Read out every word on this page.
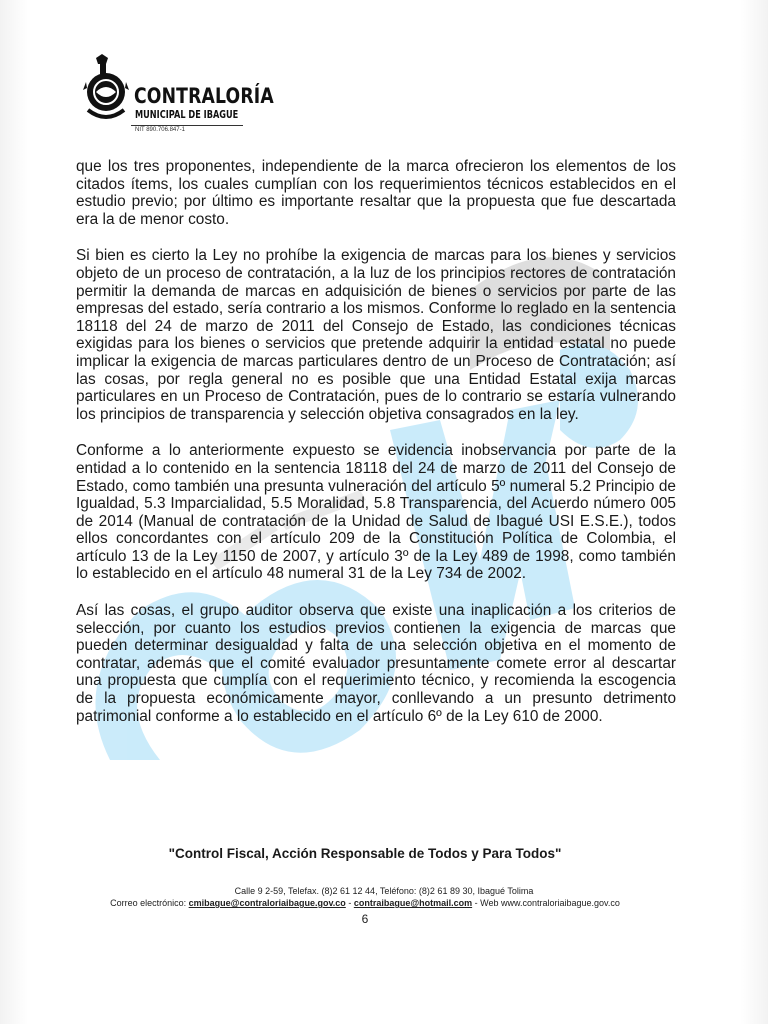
CONTRALORÍA
MUNICIPAL DE IBAGUE
NIT 890.706.847-1

que los tres proponentes, independiente de la marca ofrecieron los elementos de los citados ítems, los cuales cumplían con los requerimientos técnicos establecidos en el estudio previo; por último es importante resaltar que la propuesta que fue descartada era la de menor costo.

Si bien es cierto la Ley no prohíbe la exigencia de marcas para los bienes y servicios objeto de un proceso de contratación, a la luz de los principios rectores de contratación permitir la demanda de marcas en adquisición de bienes o servicios por parte de las empresas del estado, sería contrario a los mismos. Conforme lo reglado en la sentencia 18118 del 24 de marzo de 2011 del Consejo de Estado, las condiciones técnicas exigidas para los bienes o servicios que pretende adquirir la entidad estatal no puede implicar la exigencia de marcas particulares dentro de un Proceso de Contratación; así las cosas, por regla general no es posible que una Entidad Estatal exija marcas particulares en un Proceso de Contratación, pues de lo contrario se estaría vulnerando los principios de transparencia y selección objetiva consagrados en la ley.

Conforme a lo anteriormente expuesto se evidencia inobservancia por parte de la entidad a lo contenido en la sentencia 18118 del 24 de marzo de 2011 del Consejo de Estado, como también una presunta vulneración del artículo 5º numeral 5.2 Principio de Igualdad, 5.3 Imparcialidad, 5.5 Moralidad, 5.8 Transparencia, del Acuerdo número 005 de 2014 (Manual de contratación de la Unidad de Salud de Ibagué USI E.S.E.), todos ellos concordantes con el artículo 209 de la Constitución Política de Colombia, el artículo 13 de la Ley 1150 de 2007, y artículo 3º de la Ley 489 de 1998, como también lo establecido en el artículo 48 numeral 31 de la Ley 734 de 2002.

Así las cosas, el grupo auditor observa que existe una inaplicación a los criterios de selección, por cuanto los estudios previos contienen la exigencia de marcas que pueden determinar desigualdad y falta de una selección objetiva en el momento de contratar, además que el comité evaluador presuntamente comete error al descartar una propuesta que cumplía con el requerimiento técnico, y recomienda la escogencia de la propuesta económicamente mayor, conllevando a un presunto detrimento patrimonial conforme a lo establecido en el artículo 6º de la Ley 610 de 2000.

"Control Fiscal, Acción Responsable de Todos y Para Todos"
Calle 9 2-59, Telefax. (8)2 61 12 44, Teléfono: (8)2 61 89 30, Ibagué Tolima
Correo electrónico: cmibague@contraloriaibague.gov.co - contraibague@hotmail.com - Web www.contraloriaibague.gov.co
6
